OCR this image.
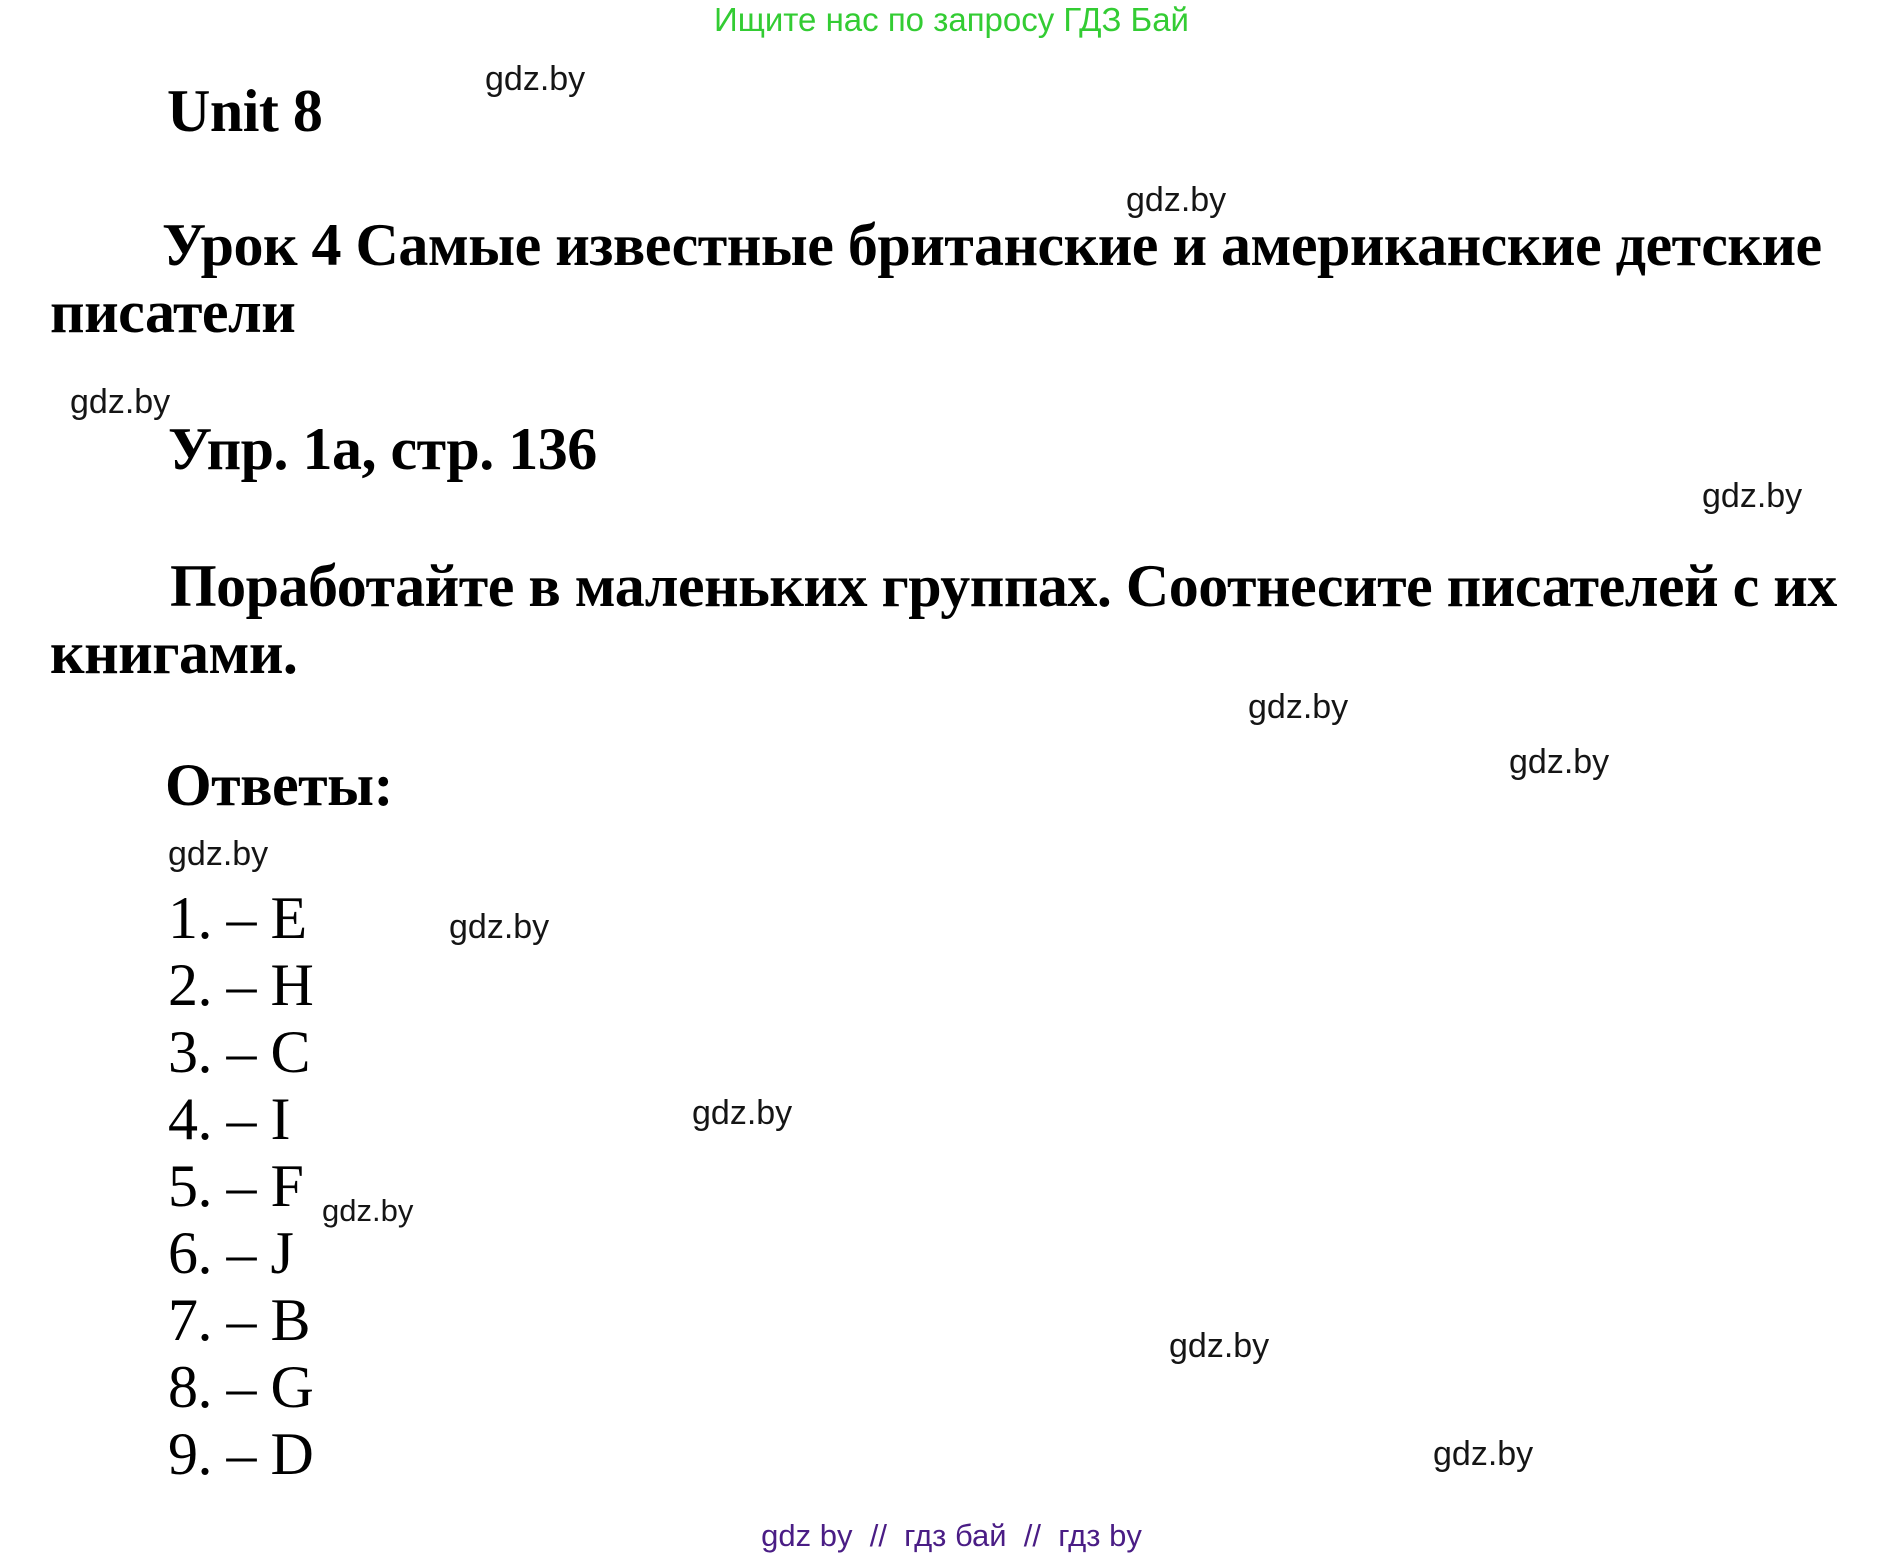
Ищите нас по запросу ГДЗ Бай
gdz.by
gdz.by
gdz.by
gdz.by
gdz.by
gdz.by
gdz.by
gdz.by
gdz.by
gdz.by
gdz.by
gdz.by
Unit 8
Урок 4 Самые известные британские и американские детские
писатели
Упр. 1а, стр. 136
Поработайте в маленьких группах. Соотнесите писателей с их
книгами.
Ответы:
1. – E
2. – H
3. – C
4. – I
5. – F
6. – J
7. – B
8. – G
9. – D
gdz by  //  гдз бай  //  гдз by
